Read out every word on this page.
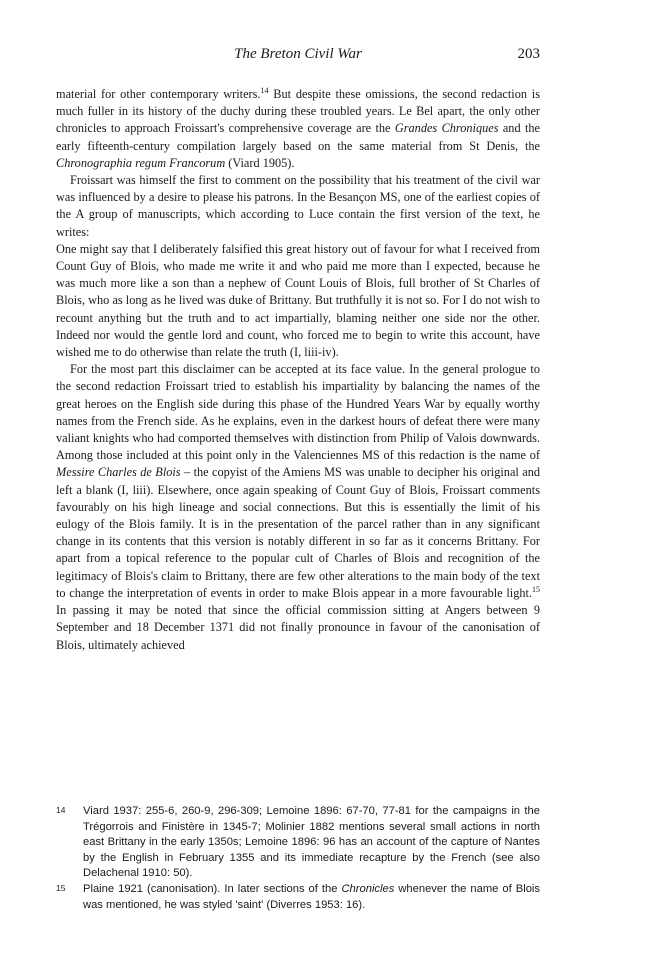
The Breton Civil War	203

material for other contemporary writers.$^{14}$ But despite these omissions, the second redaction is much fuller in its history of the duchy during these troubled years. Le Bel apart, the only other chronicles to approach Froissart's comprehensive coverage are the Grandes Chroniques and the early fifteenth-century compilation largely based on the same material from St Denis, the Chronographia regum Francorum (Viard 1905).

Froissart was himself the first to comment on the possibility that his treatment of the civil war was influenced by a desire to please his patrons. In the Besançon MS, one of the earliest copies of the A group of manuscripts, which according to Luce contain the first version of the text, he writes:

One might say that I deliberately falsified this great history out of favour for what I received from Count Guy of Blois, who made me write it and who paid me more than I expected, because he was much more like a son than a nephew of Count Louis of Blois, full brother of St Charles of Blois, who as long as he lived was duke of Brittany. But truthfully it is not so. For I do not wish to recount anything but the truth and to act impartially, blaming neither one side nor the other. Indeed nor would the gentle lord and count, who forced me to begin to write this account, have wished me to do otherwise than relate the truth (I, liii-iv).

For the most part this disclaimer can be accepted at its face value. In the general prologue to the second redaction Froissart tried to establish his impartiality by balancing the names of the great heroes on the English side during this phase of the Hundred Years War by equally worthy names from the French side. As he explains, even in the darkest hours of defeat there were many valiant knights who had comported themselves with distinction from Philip of Valois downwards. Among those included at this point only in the Valenciennes MS of this redaction is the name of Messire Charles de Blois – the copyist of the Amiens MS was unable to decipher his original and left a blank (I, liii). Elsewhere, once again speaking of Count Guy of Blois, Froissart comments favourably on his high lineage and social connections. But this is essentially the limit of his eulogy of the Blois family. It is in the presentation of the parcel rather than in any significant change in its contents that this version is notably different in so far as it concerns Brittany. For apart from a topical reference to the popular cult of Charles of Blois and recognition of the legitimacy of Blois's claim to Brittany, there are few other alterations to the main body of the text to change the interpretation of events in order to make Blois appear in a more favourable light.$^{15}$ In passing it may be noted that since the official commission sitting at Angers between 9 September and 18 December 1371 did not finally pronounce in favour of the canonisation of Blois, ultimately achieved

14	Viard 1937: 255-6, 260-9, 296-309; Lemoine 1896: 67-70, 77-81 for the campaigns in the Trégorrois and Finistère in 1345-7; Molinier 1882 mentions several small actions in north east Brittany in the early 1350s; Lemoine 1896: 96 has an account of the capture of Nantes by the English in February 1355 and its immediate recapture by the French (see also Delachenal 1910: 50).
15	Plaine 1921 (canonisation). In later sections of the Chronicles whenever the name of Blois was mentioned, he was styled 'saint' (Diverres 1953: 16).
